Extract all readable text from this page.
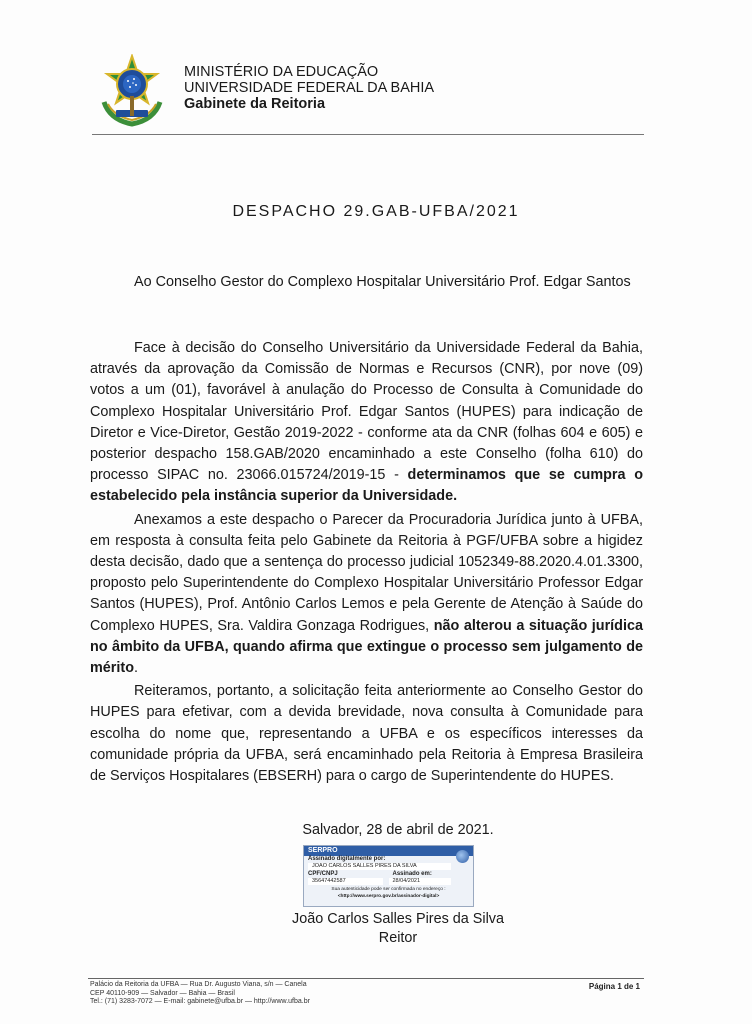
MINISTÉRIO DA EDUCAÇÃO
UNIVERSIDADE FEDERAL DA BAHIA
Gabinete da Reitoria
DESPACHO 29.GAB-UFBA/2021
Ao Conselho Gestor do Complexo Hospitalar Universitário Prof. Edgar Santos

Face à decisão do Conselho Universitário da Universidade Federal da Bahia, através da aprovação da Comissão de Normas e Recursos (CNR), por nove (09) votos a um (01), favorável à anulação do Processo de Consulta à Comunidade do Complexo Hospitalar Universitário Prof. Edgar Santos (HUPES) para indicação de Diretor e Vice-Diretor, Gestão 2019-2022 - conforme ata da CNR (folhas 604 e 605) e posterior despacho 158.GAB/2020 encaminhado a este Conselho (folha 610) do processo SIPAC no. 23066.015724/2019-15 - determinamos que se cumpra o estabelecido pela instância superior da Universidade.

Anexamos a este despacho o Parecer da Procuradoria Jurídica junto à UFBA, em resposta à consulta feita pelo Gabinete da Reitoria à PGF/UFBA sobre a higidez desta decisão, dado que a sentença do processo judicial 1052349-88.2020.4.01.3300, proposto pelo Superintendente do Complexo Hospitalar Universitário Professor Edgar Santos (HUPES), Prof. Antônio Carlos Lemos e pela Gerente de Atenção à Saúde do Complexo HUPES, Sra. Valdira Gonzaga Rodrigues, não alterou a situação jurídica no âmbito da UFBA, quando afirma que extingue o processo sem julgamento de mérito.

Reiteramos, portanto, a solicitação feita anteriormente ao Conselho Gestor do HUPES para efetivar, com a devida brevidade, nova consulta à Comunidade para escolha do nome que, representando a UFBA e os específicos interesses da comunidade própria da UFBA, será encaminhado pela Reitoria à Empresa Brasileira de Serviços Hospitalares (EBSERH) para o cargo de Superintendente do HUPES.

Salvador, 28 de abril de 2021.
SERPRO
Assinado digitalmente por:
JOAO CARLOS SALLES PIRES DA SILVA
CPF/CNPJ
35647442587
Assinado em:
28/04/2021
Sua autenticidade pode ser confirmada no endereço :
<http://www.serpro.gov.br/assinador-digital>
João Carlos Salles Pires da Silva
Reitor
Palácio da Reitoria da UFBA — Rua Dr. Augusto Viana, s/n — Canela
CEP 40110-909 — Salvador — Bahia — Brasil
Tel.: (71) 3283-7072 — E-mail: gabinete@ufba.br — http://www.ufba.br
Página 1 de 1
